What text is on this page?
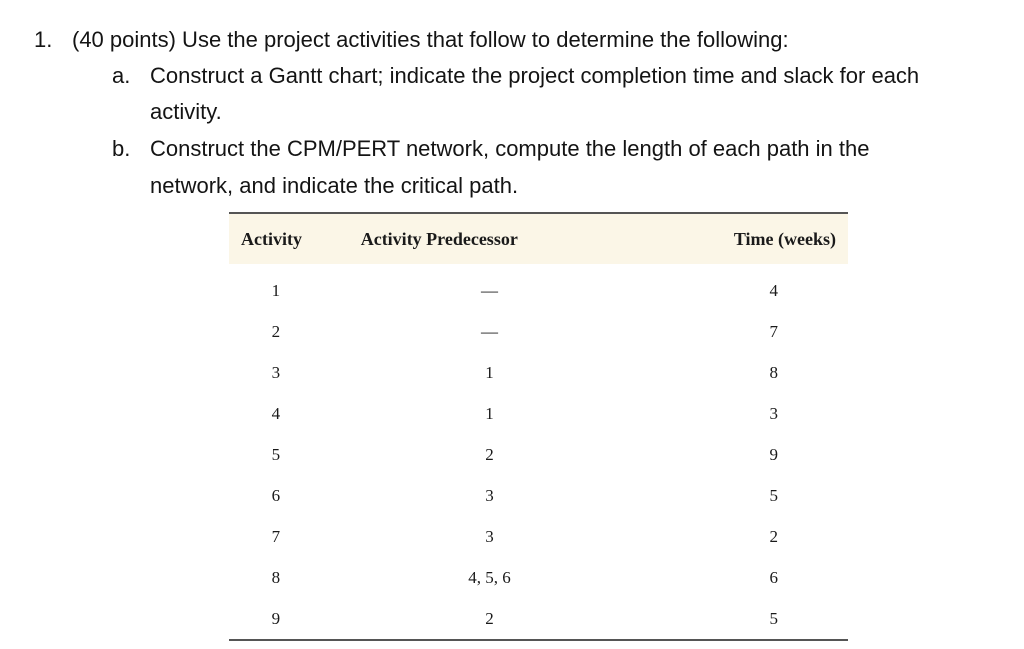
1. (40 points) Use the project activities that follow to determine the following:
a. Construct a Gantt chart; indicate the project completion time and slack for each
activity.
b. Construct the CPM/PERT network, compute the length of each path in the
network, and indicate the critical path.
Activity	Activity Predecessor	Time (weeks)
1	—	4
2	—	7
3	1	8
4	1	3
5	2	9
6	3	5
7	3	2
8	4, 5, 6	6
9	2	5
